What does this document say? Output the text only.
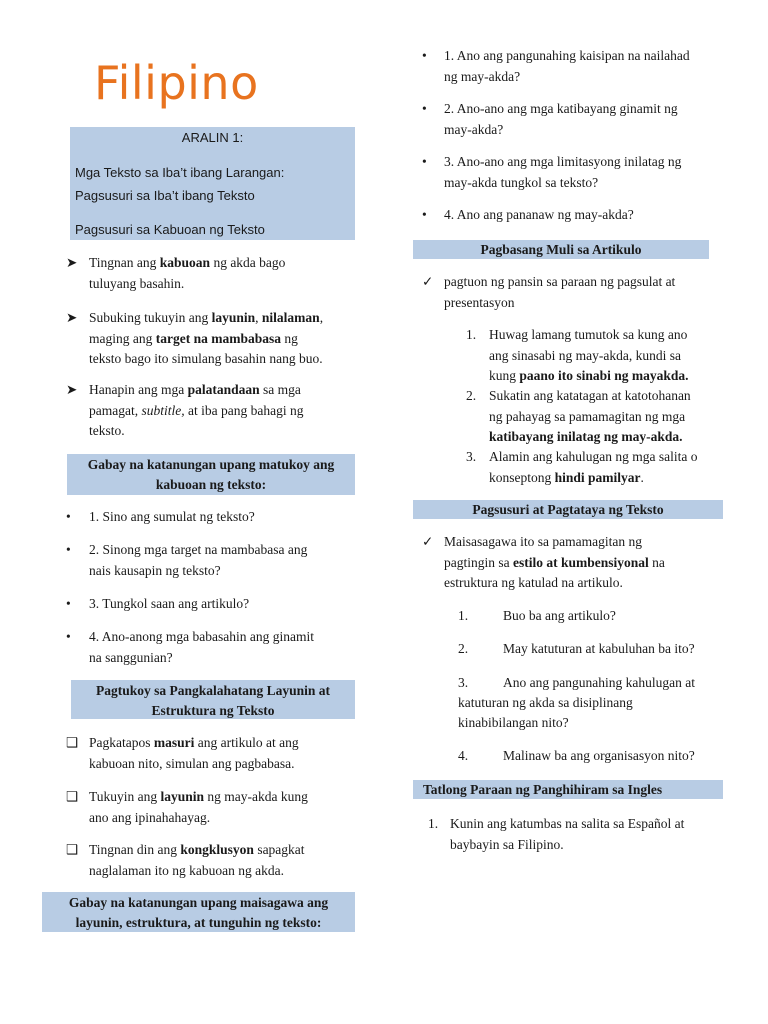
Filipino
ARALIN 1:
Mga Teksto sa Iba’t ibang Larangan:
Pagsusuri sa Iba’t ibang Teksto
Pagsusuri sa Kabuoan ng Teksto
➤ Tingnan ang kabuoan ng akda bago
tuluyang basahin.
➤ Subuking tukuyin ang layunin, nilalaman,
maging ang target na mambabasa ng
teksto bago ito simulang basahin nang buo.
➤ Hanapin ang mga palatandaan sa mga
pamagat, subtitle, at iba pang bahagi ng
teksto.
Gabay na katanungan upang matukoy ang
kabuoan ng teksto:
• 1. Sino ang sumulat ng teksto?
• 2. Sinong mga target na mambabasa ang
nais kausapin ng teksto?
• 3. Tungkol saan ang artikulo?
• 4. Ano-anong mga babasahin ang ginamit
na sanggunian?
Pagtukoy sa Pangkalahatang Layunin at
Estruktura ng Teksto
❑ Pagkatapos masuri ang artikulo at ang
kabuoan nito, simulan ang pagbabasa.
❑ Tukuyin ang layunin ng may-akda kung
ano ang ipinahahayag.
❑ Tingnan din ang kongklusyon sapagkat
naglalaman ito ng kabuoan ng akda.
Gabay na katanungan upang maisagawa ang
layunin, estruktura, at tunguhin ng teksto:
• 1. Ano ang pangunahing kaisipan na nailahad
ng may-akda?
• 2. Ano-ano ang mga katibayang ginamit ng
may-akda?
• 3. Ano-ano ang mga limitasyong inilatag ng
may-akda tungkol sa teksto?
• 4. Ano ang pananaw ng may-akda?
Pagbasang Muli sa Artikulo
✓ pagtuon ng pansin sa paraan ng pagsulat at
presentasyon
1. Huwag lamang tumutok sa kung ano
ang sinasabi ng may-akda, kundi sa
kung paano ito sinabi ng mayakda.
2. Sukatin ang katatagan at katotohanan
ng pahayag sa pamamagitan ng mga
katibayang inilatag ng may-akda.
3. Alamin ang kahulugan ng mga salita o
konseptong hindi pamilyar.
Pagsusuri at Pagtataya ng Teksto
✓ Maisasagawa ito sa pamamagitan ng
pagtingin sa estilo at kumbensiyonal na
estruktura ng katulad na artikulo.
1.	Buo ba ang artikulo?
2.	May katuturan at kabuluhan ba ito?
3.	Ano ang pangunahing kahulugan at
katuturan ng akda sa disiplinang
kinabibilangan nito?
4.	Malinaw ba ang organisasyon nito?
Tatlong Paraan ng Panghihiram sa Ingles
1. Kunin ang katumbas na salita sa Español at
baybayin sa Filipino.
